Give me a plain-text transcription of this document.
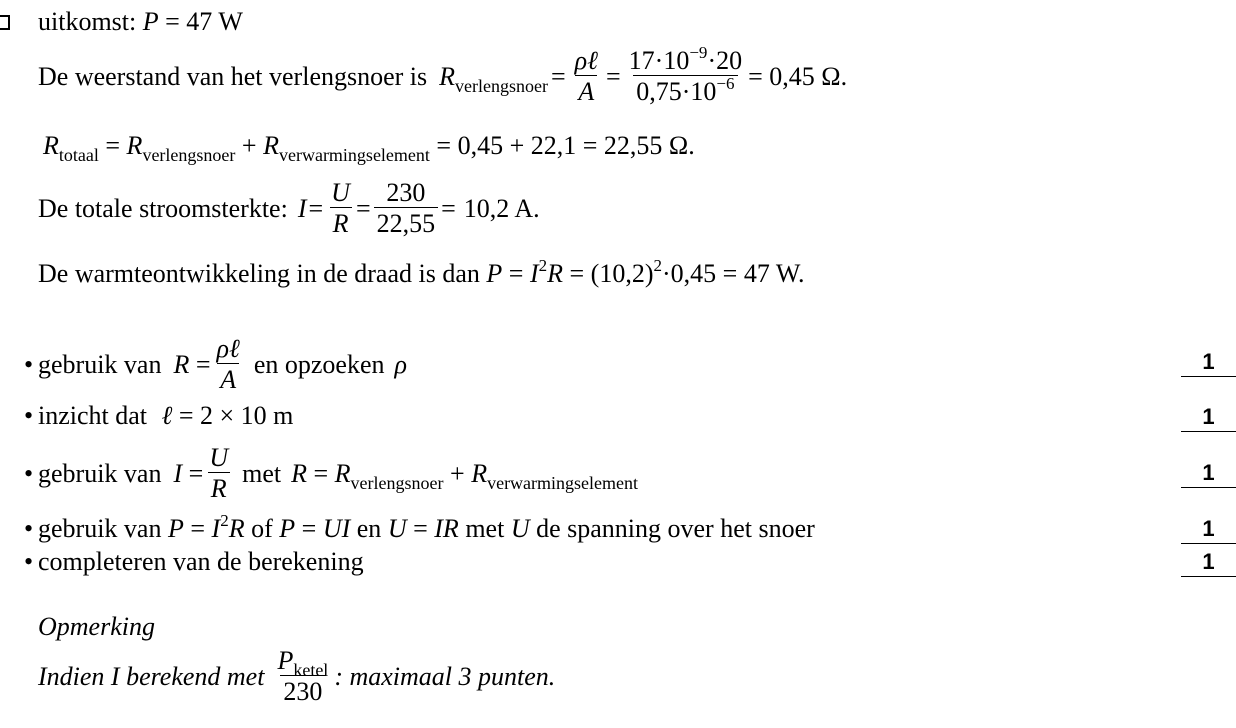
uitkomst: P = 47 W
De weerstand van het verlengsnoer is $R_{verlengsnoer} = \frac{\text{ρℓ}}{A} = \frac{17\cdot 10^{-9}\cdot 20}{0,75\cdot 10^{-6}} = 0,45$ Ω.
$R_{totaal} = R_{verlengsnoer} + R_{verwarmingselement} = 0,45 + 22,1 = 22,55$ Ω.
De totale stroomsterkte: $I = \frac{U}{R} = \frac{230}{22,55} = 10,2$ A.
De warmteontwikkeling in de draad is dan $P = I^2R = (10,2)^2\cdot 0,45 = 47$ W.
• gebruik van $R = \frac{\text{ρℓ}}{A}$ en opzoeken ρ	1
• inzicht dat ℓ = 2 × 10 m	1
• gebruik van $I = \frac{U}{R}$ met $R = R_{verlengsnoer} + R_{verwarmingselement}$	1
• gebruik van $P = I^2R$ of P = UI en U = IR met U de spanning over het snoer	1
• completeren van de berekening	1
Opmerking
Indien I berekend met $\frac{P_{ketel}}{230}$ : maximaal 3 punten.
